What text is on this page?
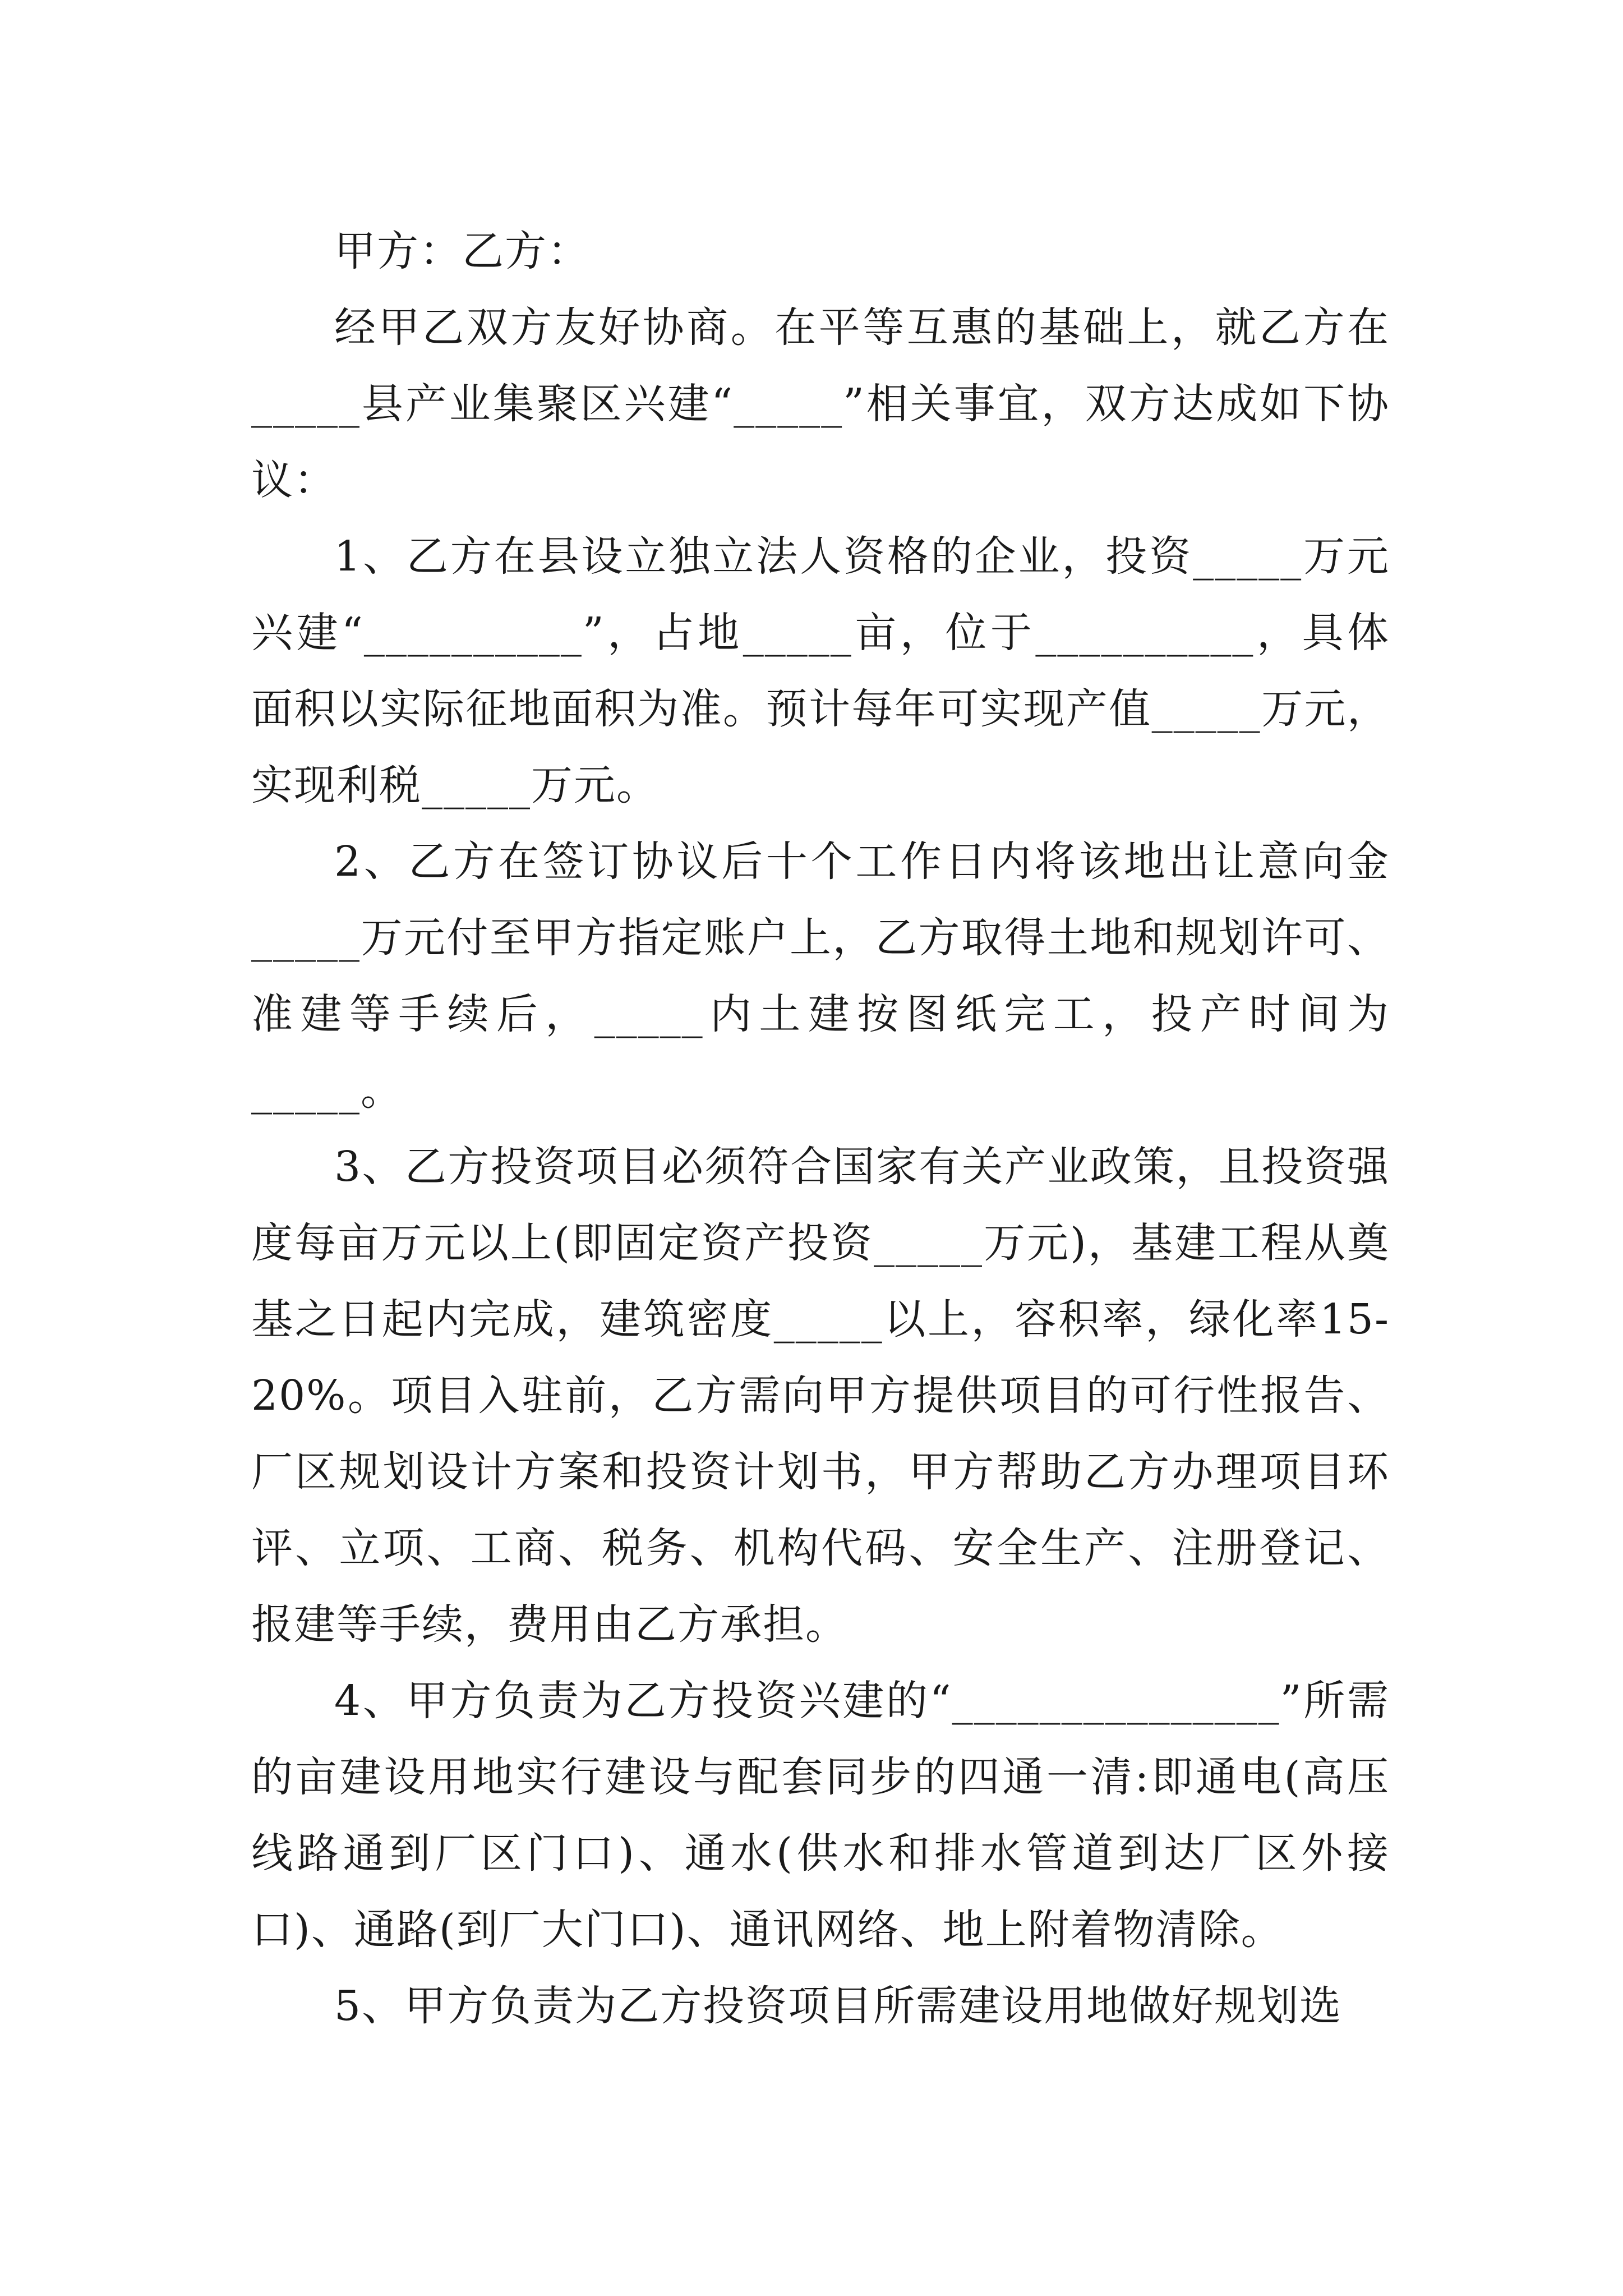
甲方：乙方：

经甲乙双方友好协商。在平等互惠的基础上，就乙方在_____县产业集聚区兴建“_____”相关事宜，双方达成如下协议：

1、乙方在县设立独立法人资格的企业，投资_____万元兴建“__________”，占地_____亩，位于__________，具体面积以实际征地面积为准。预计每年可实现产值_____万元，实现利税_____万元。

2、乙方在签订协议后十个工作日内将该地出让意向金_____万元付至甲方指定账户上，乙方取得土地和规划许可、准建等手续后，_____内土建按图纸完工，投产时间为_____。

3、乙方投资项目必须符合国家有关产业政策，且投资强度每亩万元以上(即固定资产投资_____万元)，基建工程从奠基之日起内完成，建筑密度_____以上，容积率，绿化率15-20%。项目入驻前，乙方需向甲方提供项目的可行性报告、厂区规划设计方案和投资计划书，甲方帮助乙方办理项目环评、立项、工商、税务、机构代码、安全生产、注册登记、报建等手续，费用由乙方承担。

4、甲方负责为乙方投资兴建的“_______________”所需的亩建设用地实行建设与配套同步的四通一清:即通电(高压线路通到厂区门口)、通水(供水和排水管道到达厂区外接口)、通路(到厂大门口)、通讯网络、地上附着物清除。

5、甲方负责为乙方投资项目所需建设用地做好规划选
